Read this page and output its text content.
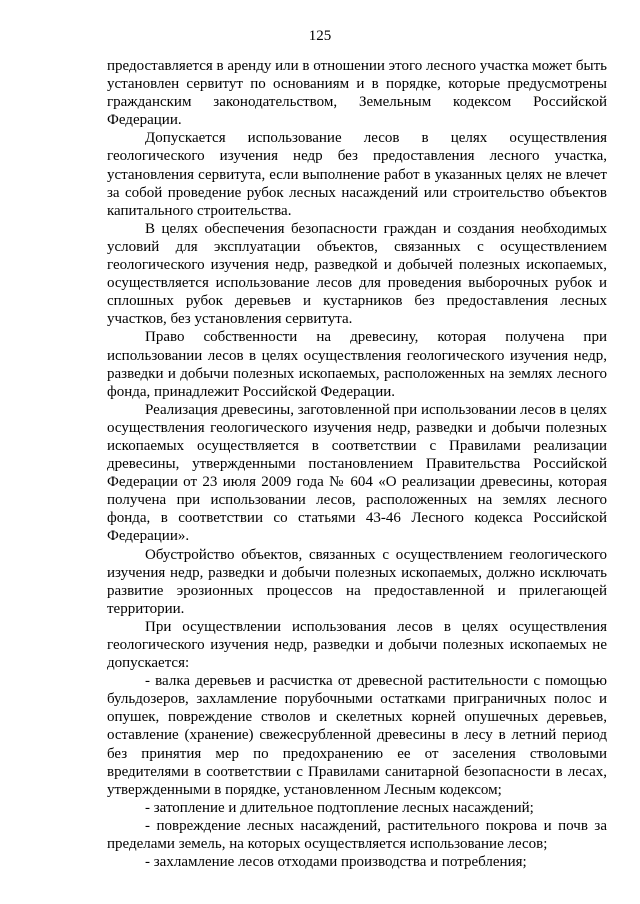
125

предоставляется в аренду или в отношении этого лесного участка может быть установлен сервитут по основаниям и в порядке, которые предусмотрены гражданским законодательством, Земельным кодексом Российской Федерации.

Допускается использование лесов в целях осуществления геологического изучения недр без предоставления лесного участка, установления сервитута, если выполнение работ в указанных целях не влечет за собой проведение рубок лесных насаждений или строительство объектов капитального строительства.

В целях обеспечения безопасности граждан и создания необходимых условий для эксплуатации объектов, связанных с осуществлением геологического изучения недр, разведкой и добычей полезных ископаемых, осуществляется использование лесов для проведения выборочных рубок и сплошных рубок деревьев и кустарников без предоставления лесных участков, без установления сервитута.

Право собственности на древесину, которая получена при использовании лесов в целях осуществления геологического изучения недр, разведки и добычи полезных ископаемых, расположенных на землях лесного фонда, принадлежит Российской Федерации.

Реализация древесины, заготовленной при использовании лесов в целях осуществления геологического изучения недр, разведки и добычи полезных ископаемых осуществляется в соответствии с Правилами реализации древесины, утвержденными постановлением Правительства Российской Федерации от 23 июля 2009 года № 604 «О реализации древесины, которая получена при использовании лесов, расположенных на землях лесного фонда, в соответствии со статьями 43-46 Лесного кодекса Российской Федерации».

Обустройство объектов, связанных с осуществлением геологического изучения недр, разведки и добычи полезных ископаемых, должно исключать развитие эрозионных процессов на предоставленной и прилегающей территории.

При осуществлении использования лесов в целях осуществления геологического изучения недр, разведки и добычи полезных ископаемых не допускается:

- валка деревьев и расчистка от древесной растительности с помощью бульдозеров, захламление порубочными остатками приграничных полос и опушек, повреждение стволов и скелетных корней опушечных деревьев, оставление (хранение) свежесрубленной древесины в лесу в летний период без принятия мер по предохранению ее от заселения стволовыми вредителями в соответствии с Правилами санитарной безопасности в лесах, утвержденными в порядке, установленном Лесным кодексом;

- затопление и длительное подтопление лесных насаждений;

- повреждение лесных насаждений, растительного покрова и почв за пределами земель, на которых осуществляется использование лесов;

- захламление лесов отходами производства и потребления;
